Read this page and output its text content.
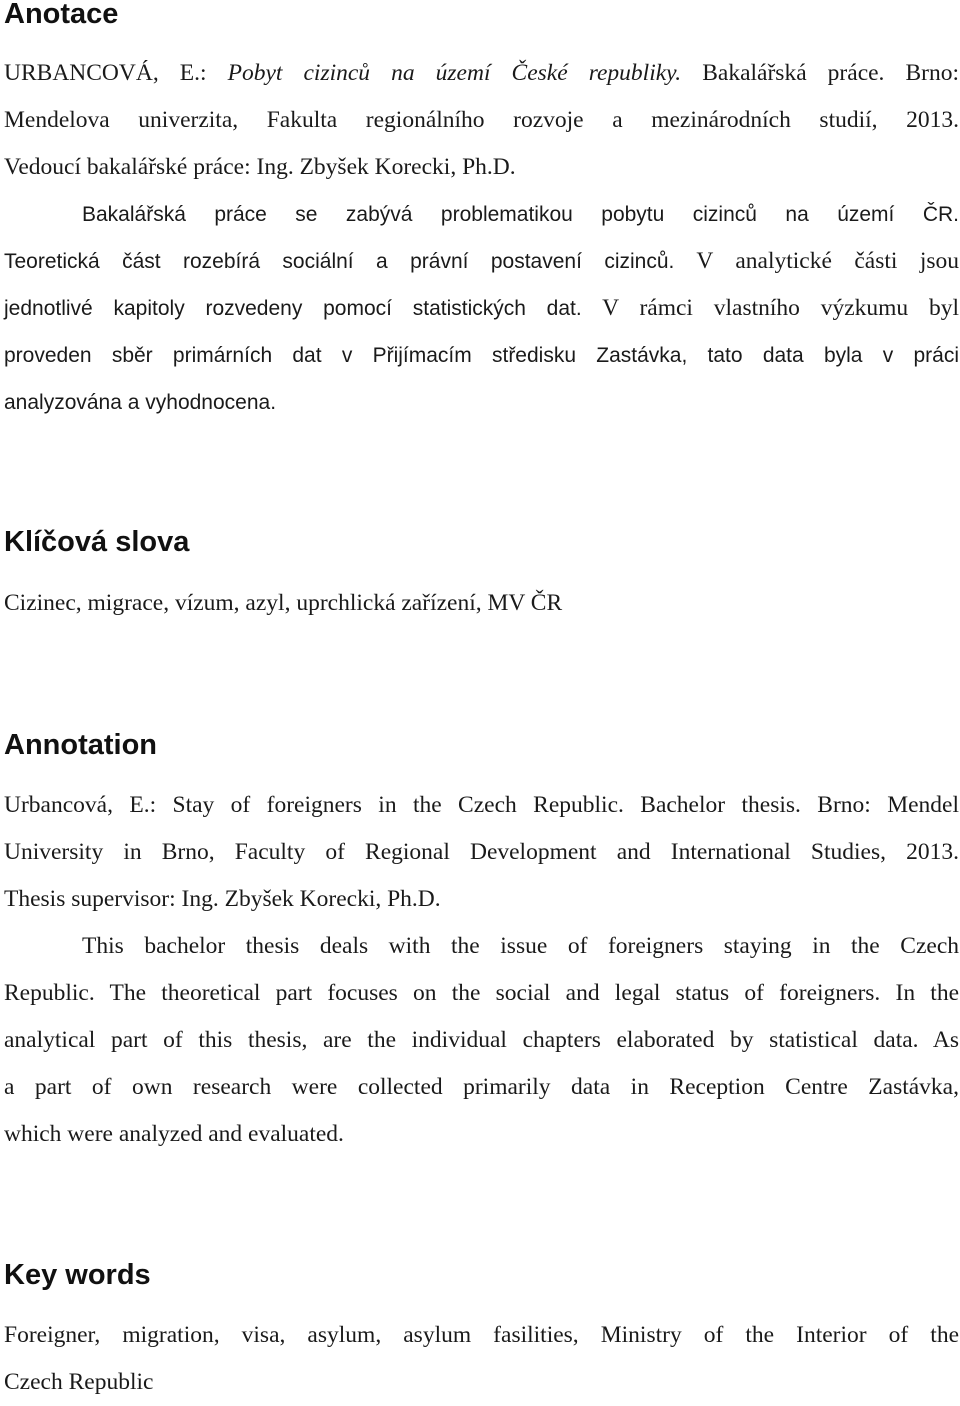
Anotace
URBANCOVÁ, E.: Pobyt cizinců na území České republiky. Bakalářská práce. Brno:
Mendelova univerzita, Fakulta regionálního rozvoje a mezinárodních studií, 2013.
Vedoucí bakalářské práce: Ing. Zbyšek Korecki, Ph.D.
Bakalářská práce se zabývá problematikou pobytu cizinců na území ČR.
Teoretická část rozebírá sociální a právní postavení cizinců. V analytické části jsou
jednotlivé kapitoly rozvedeny pomocí statistických dat. V rámci vlastního výzkumu byl
proveden sběr primárních dat v Přijímacím středisku Zastávka, tato data byla v práci
analyzována a vyhodnocena.
Klíčová slova
Cizinec, migrace, vízum, azyl, uprchlická zařízení, MV ČR
Annotation
Urbancová, E.: Stay of foreigners in the Czech Republic. Bachelor thesis. Brno: Mendel
University in Brno, Faculty of Regional Development and International Studies, 2013.
Thesis supervisor: Ing. Zbyšek Korecki, Ph.D.
This bachelor thesis deals with the issue of foreigners staying in the Czech
Republic. The theoretical part focuses on the social and legal status of foreigners. In the
analytical part of this thesis, are the individual chapters elaborated by statistical data. As
a part of own research were collected primarily data in Reception Centre Zastávka,
which were analyzed and evaluated.
Key words
Foreigner, migration, visa, asylum, asylum fasilities, Ministry of the Interior of the
Czech Republic
